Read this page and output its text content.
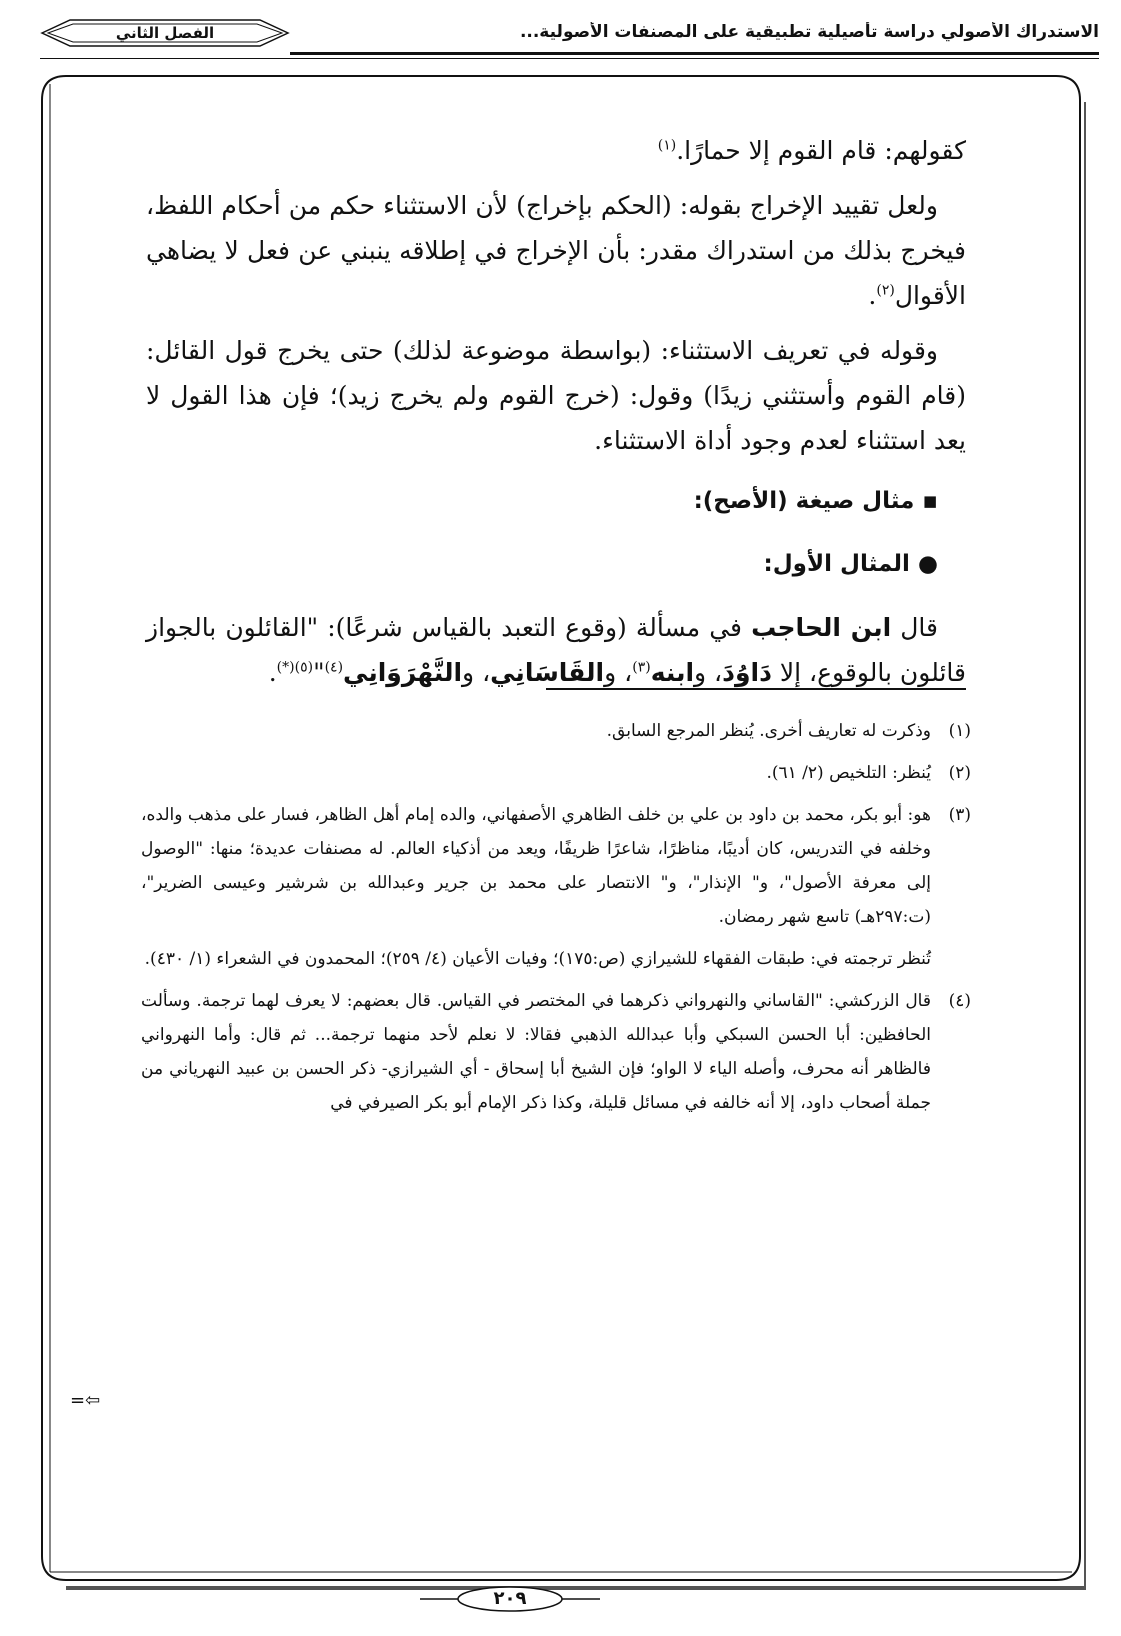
الاستدراك الأصولي دراسة تأصيلية تطبيقية على المصنفات الأصولية...
الفصل الثاني

كقولهم: قام القوم إلا حمارًا.$^{(١)}$

ولعل تقييد الإخراج بقوله: (الحكم بإخراج) لأن الاستثناء حكم من أحكام اللفظ، فيخرج بذلك من استدراك مقدر: بأن الإخراج في إطلاقه ينبني عن فعل لا يضاهي الأقوال$^{(٢)}$.

وقوله في تعريف الاستثناء: (بواسطة موضوعة لذلك) حتى يخرج قول القائل: (قام القوم وأستثني زيدًا) وقول: (خرج القوم ولم يخرج زيد)؛ فإن هذا القول لا يعد استثناء لعدم وجود أداة الاستثناء.

▪ مثال صيغة (الأصح):
● المثال الأول:

قال ابن الحاجب في مسألة (وقوع التعبد بالقياس شرعًا): "القائلون بالجواز قائلون بالوقوع، إلا دَاوُدَ، وابنه$^{(٣)}$، والقَاسَانِي، والنَّهْرَوَانِي$^{(٤)}$"$^{(٥)(*)}$.

(١)
وذكرت له تعاريف أخرى. يُنظر المرجع السابق.
(٢)
يُنظر: التلخيص (٢/ ٦١).
(٣)
هو: أبو بكر، محمد بن داود بن علي بن خلف الظاهري الأصفهاني، والده إمام أهل الظاهر، فسار على مذهب والده، وخلفه في التدريس، كان أديبًا، مناظرًا، شاعرًا ظريفًا، ويعد من أذكياء العالم. له مصنفات عديدة؛ منها: "الوصول إلى معرفة الأصول"، و" الإنذار"، و" الانتصار على محمد بن جرير وعبدالله بن شرشير وعيسى الضرير"، (ت:٢٩٧هـ) تاسع شهر رمضان.
تُنظر ترجمته في: طبقات الفقهاء للشيرازي (ص:١٧٥)؛ وفيات الأعيان (٤/ ٢٥٩)؛ المحمدون في الشعراء (١/ ٤٣٠).
(٤)
قال الزركشي: "القاساني والنهرواني ذكرهما في المختصر في القياس. قال بعضهم: لا يعرف لهما ترجمة. وسألت الحافظين: أبا الحسن السبكي وأبا عبدالله الذهبي فقالا: لا نعلم لأحد منهما ترجمة... ثم قال: وأما النهرواني فالظاهر أنه محرف، وأصله الياء لا الواو؛ فإن الشيخ أبا إسحاق - أي الشيرازي- ذكر الحسن بن عبيد النهرياني من جملة أصحاب داود، إلا أنه خالفه في مسائل قليلة، وكذا ذكر الإمام أبو بكر الصيرفي في
⇦=
٢٠٩
